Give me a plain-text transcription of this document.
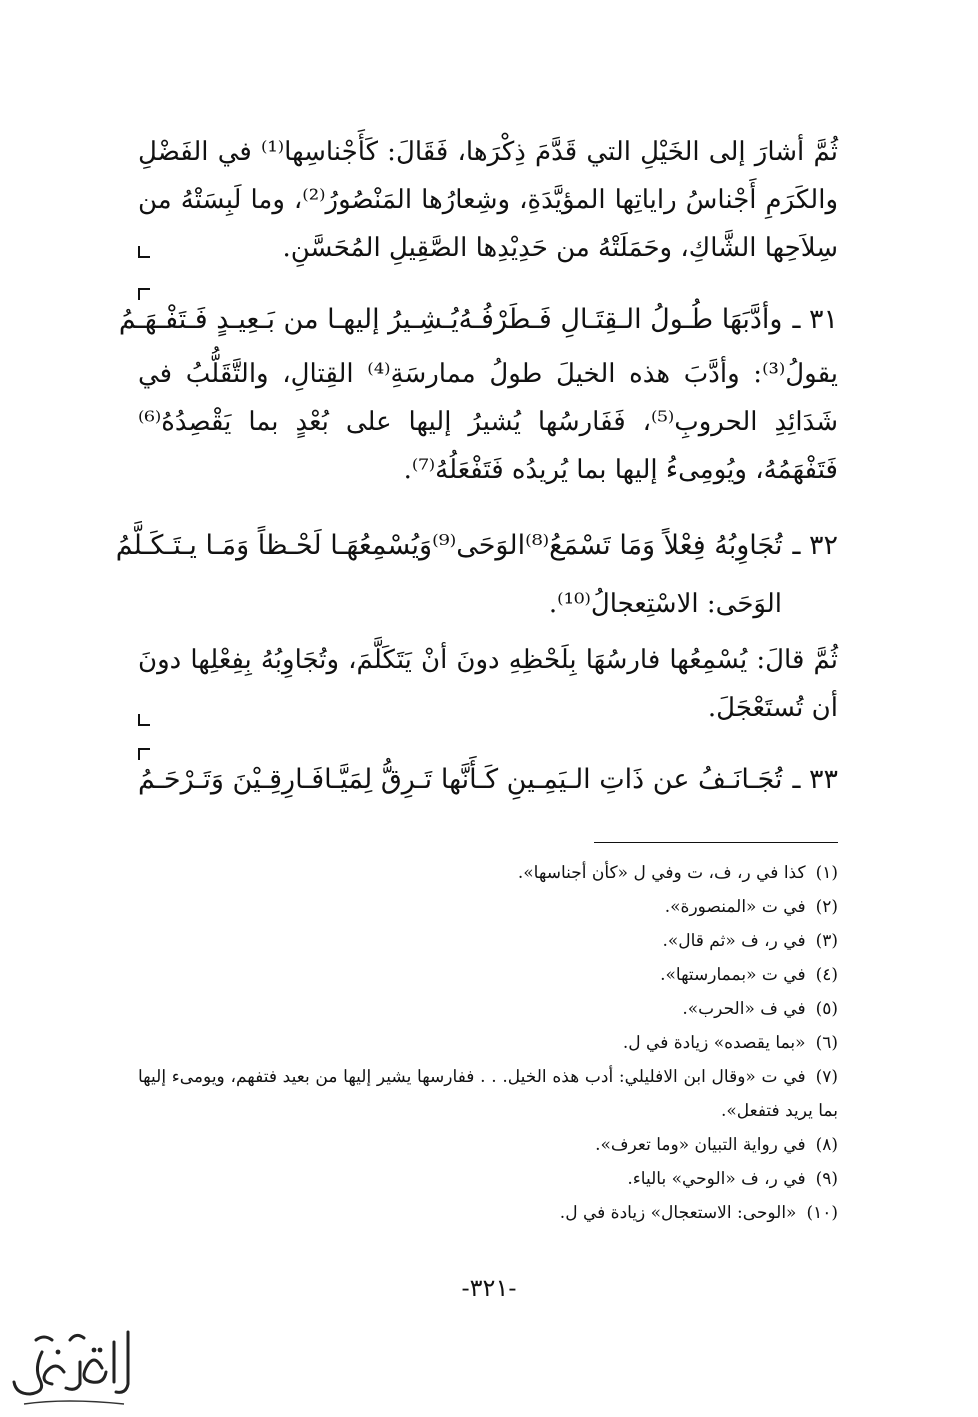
ثُمَّ أشارَ إلى الخَيْلِ التي قَدَّمَ ذِكْرَها، فَقَالَ: كَأَجْناسِها⁽¹⁾ في الفَضْلِ والكَرَمِ أَجْناسُ راياتِها المؤيَّدَةِ، وشِعارُها المَنْصُورُ⁽²⁾، وما لَبِسَتْهُ من سِلاَحِها الشَّاكِ، وحَمَلَتْهُ من حَدِيْدِها الصَّقِيلِ المُحَسَّنِ.
٣١ ـ
وأدَّبَهَا طُـولُ الـقِتَـالِ فَـطَرْفُـهُ
يُـشِـيرُ إليهـا من بَـعِيـدٍ فَـتَفْـهَـمُ
يقولُ⁽³⁾: وأدَّبَ هذه الخيلَ طولُ ممارسَةِ⁽⁴⁾ القِتالِ، والتَّقَلُّبُ في شَدَائِدِ الحروبِ⁽⁵⁾، فَفَارسُها يُشيرُ إليها على بُعْدٍ بما يَقْصِدُهُ⁽⁶⁾ فَتَفْهَمُهُ، ويُومِىءُ إليها بما يُريدُه فَتَفْعَلُهُ⁽⁷⁾.
٣٢ ـ
تُجَاوِبُهُ فِعْلاً وَمَا تَسْمَعُ⁽⁸⁾الوَحَى⁽⁹⁾
وَيُسْمِعُهَـا لَحْـظاً وَمَـا يـتَـكَـلَّمُ
الوَحَى: الاسْتِعجالُ⁽¹⁰⁾.
ثُمَّ قالَ: يُسْمِعُها فارسُهَا بِلَحْظِهِ دونَ أنْ يَتَكَلَّمَ، وتُجَاوِبُهُ بِفِعْلِها دونَ أن تُستَعْجَلَ.
٣٣ ـ
تُجَـانَـفُ عن ذَاتِ الـيَمِـينِ كَـأَنَّها
تَـرِقُّ لِمَيَّـافَـارِقِـيْنَ وَتَـرْحَـمُ
(١)كذا في ر، ف، ت وفي ل «كأن أجناسها».
(٢)في ت «المنصورة».
(٣)في ر، ف «ثم قال».
(٤)في ت «بممارستها».
(٥)في ف «الحرب».
(٦)«بما يقصده» زيادة في ل.
(٧)في ت «وقال ابن الافليلي: أدب هذه الخيل. . . ففارسها يشير إليها من بعيد فتفهم، ويومىء إليها بما يريد فتفعل».
(٨)في رواية التبيان «وما تعرف».
(٩)في ر، ف «الوحي» بالياء.
(١٠)«الوحى: الاستعجال» زيادة في ل.
-٣٢١-
